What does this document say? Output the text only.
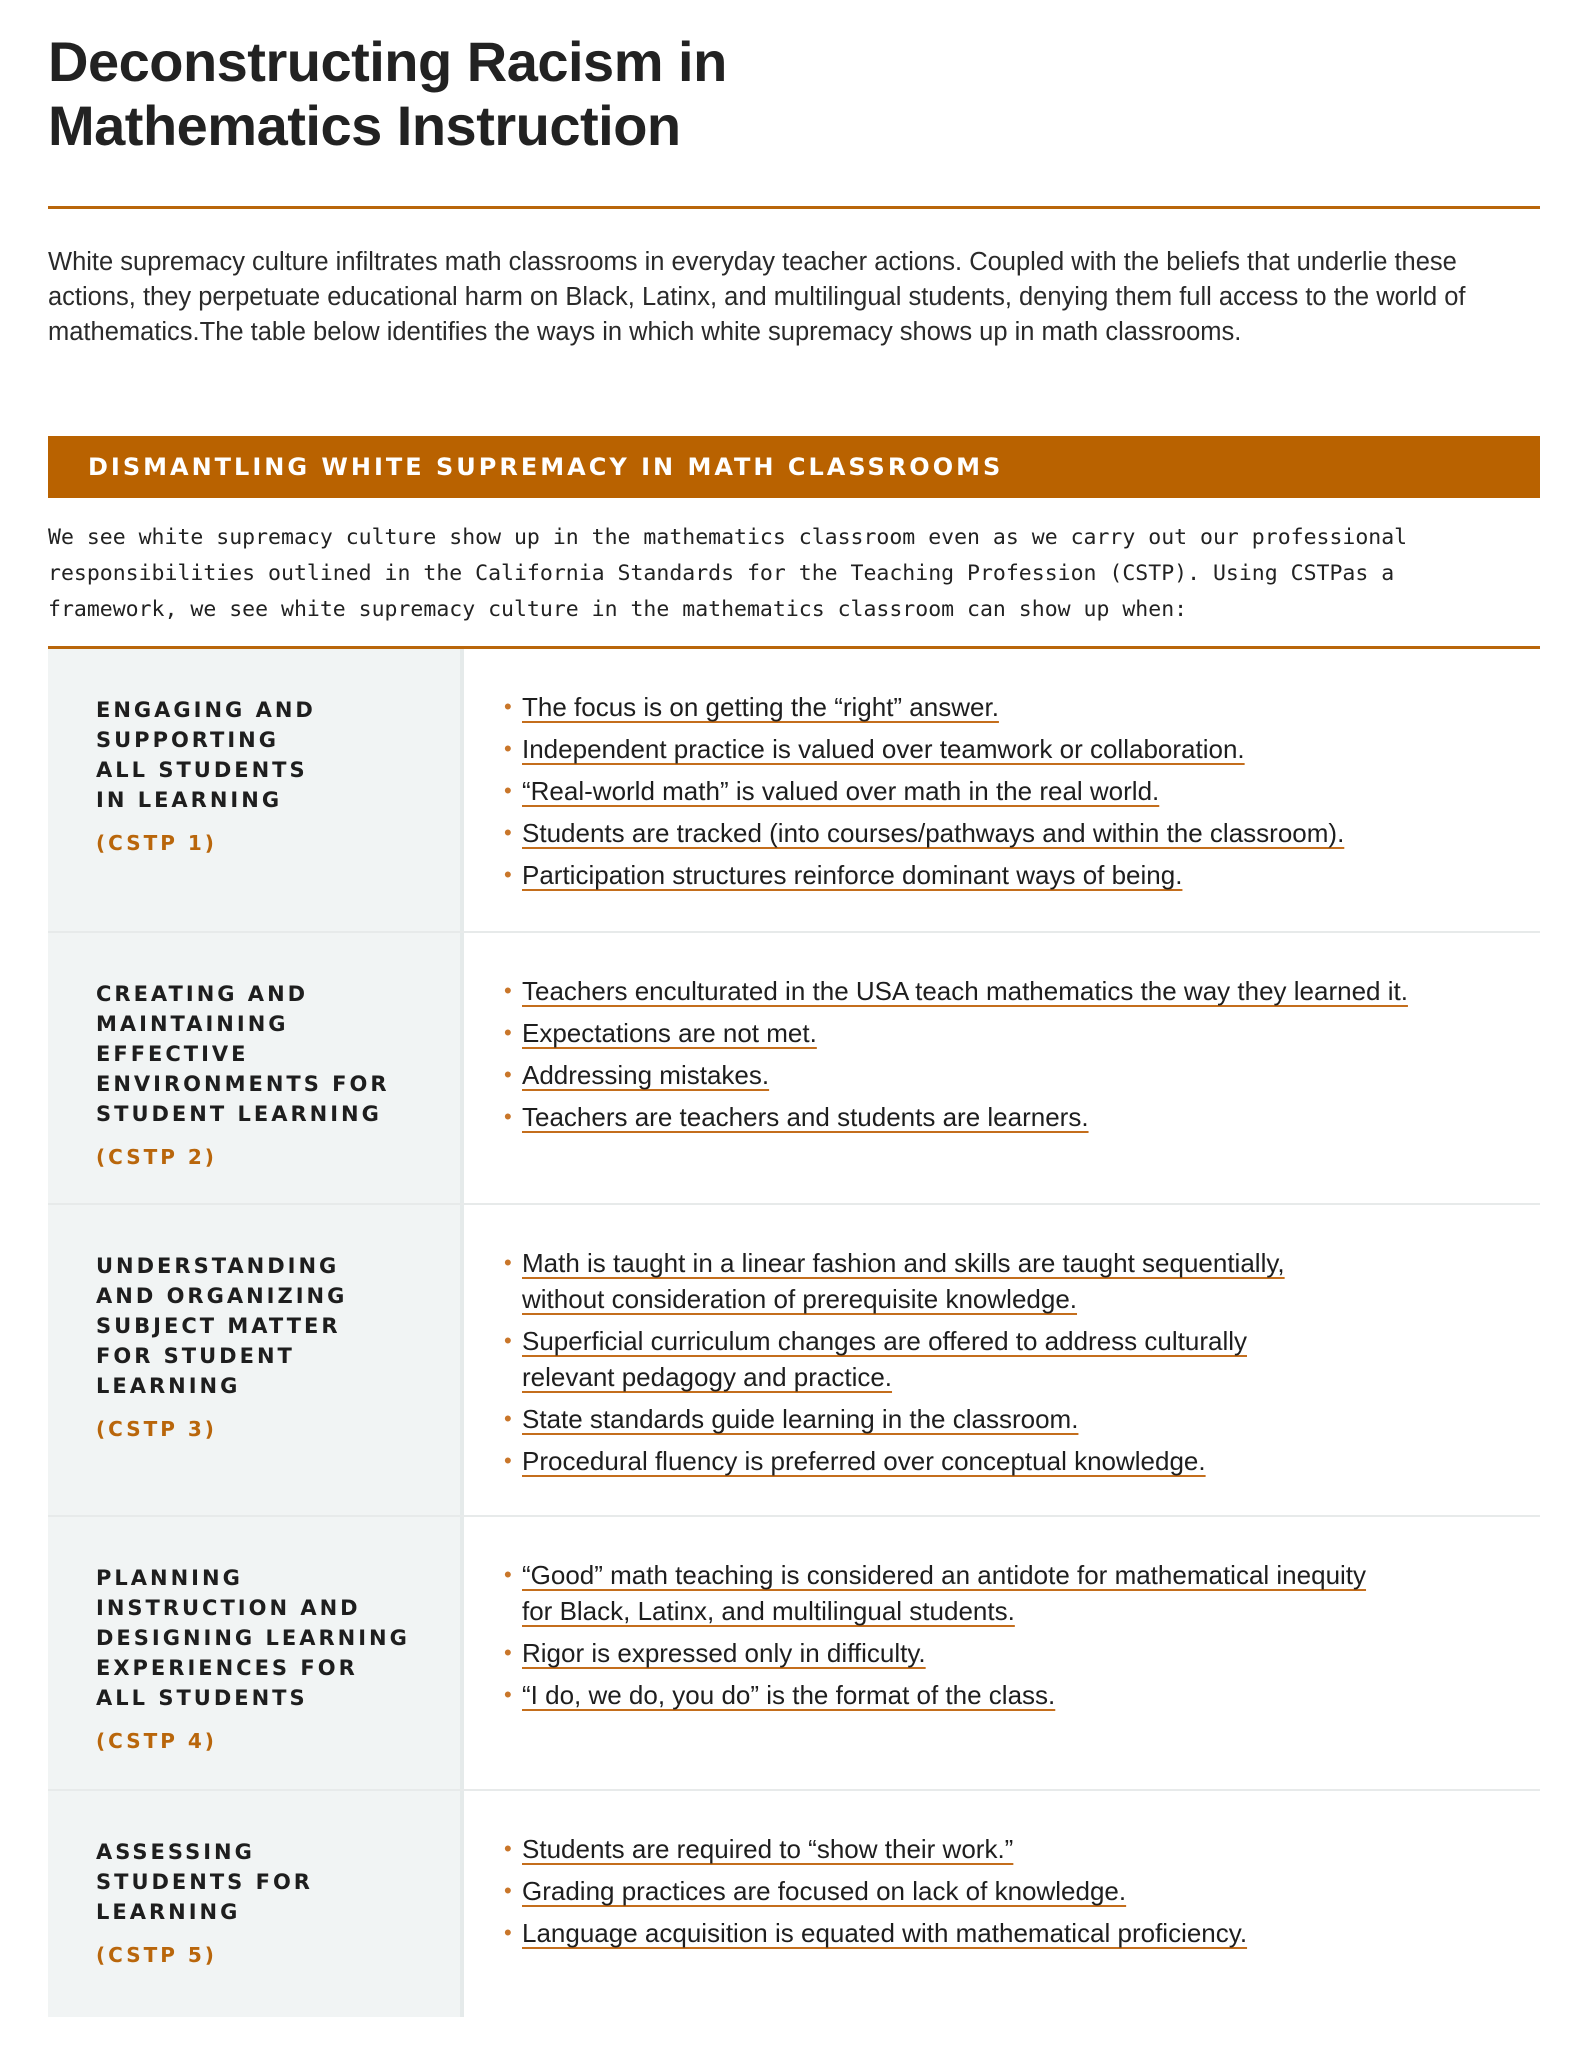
Deconstructing Racism in
Mathematics Instruction

White supremacy culture infiltrates math classrooms in everyday teacher actions. Coupled with the beliefs that underlie these actions, they perpetuate educational harm on Black, Latinx, and multilingual students, denying them full access to the world of mathematics.The table below identifies the ways in which white supremacy shows up in math classrooms.

DISMANTLING WHITE SUPREMACY IN MATH CLASSROOMS

We see white supremacy culture show up in the mathematics classroom even as we carry out our professional
responsibilities outlined in the California Standards for the Teaching Profession (CSTP). Using CSTPas a
framework, we see white supremacy culture in the mathematics classroom can show up when:

ENGAGING AND
SUPPORTING
ALL STUDENTS
IN LEARNING
(CSTP 1)
• The focus is on getting the “right” answer.
• Independent practice is valued over teamwork or collaboration.
• “Real-world math” is valued over math in the real world.
• Students are tracked (into courses/pathways and within the classroom).
• Participation structures reinforce dominant ways of being.
CREATING AND
MAINTAINING
EFFECTIVE
ENVIRONMENTS FOR
STUDENT LEARNING
(CSTP 2)
• Teachers enculturated in the USA teach mathematics the way they learned it.
• Expectations are not met.
• Addressing mistakes.
• Teachers are teachers and students are learners.
UNDERSTANDING
AND ORGANIZING
SUBJECT MATTER
FOR STUDENT
LEARNING
(CSTP 3)
• Math is taught in a linear fashion and skills are taught sequentially,
without consideration of prerequisite knowledge.
• Superficial curriculum changes are offered to address culturally
relevant pedagogy and practice.
• State standards guide learning in the classroom.
• Procedural fluency is preferred over conceptual knowledge.
PLANNING
INSTRUCTION AND
DESIGNING LEARNING
EXPERIENCES FOR
ALL STUDENTS
(CSTP 4)
• “Good” math teaching is considered an antidote for mathematical inequity
for Black, Latinx, and multilingual students.
• Rigor is expressed only in difficulty.
• “I do, we do, you do” is the format of the class.
ASSESSING
STUDENTS FOR
LEARNING
(CSTP 5)
• Students are required to “show their work.”
• Grading practices are focused on lack of knowledge.
• Language acquisition is equated with mathematical proficiency.
